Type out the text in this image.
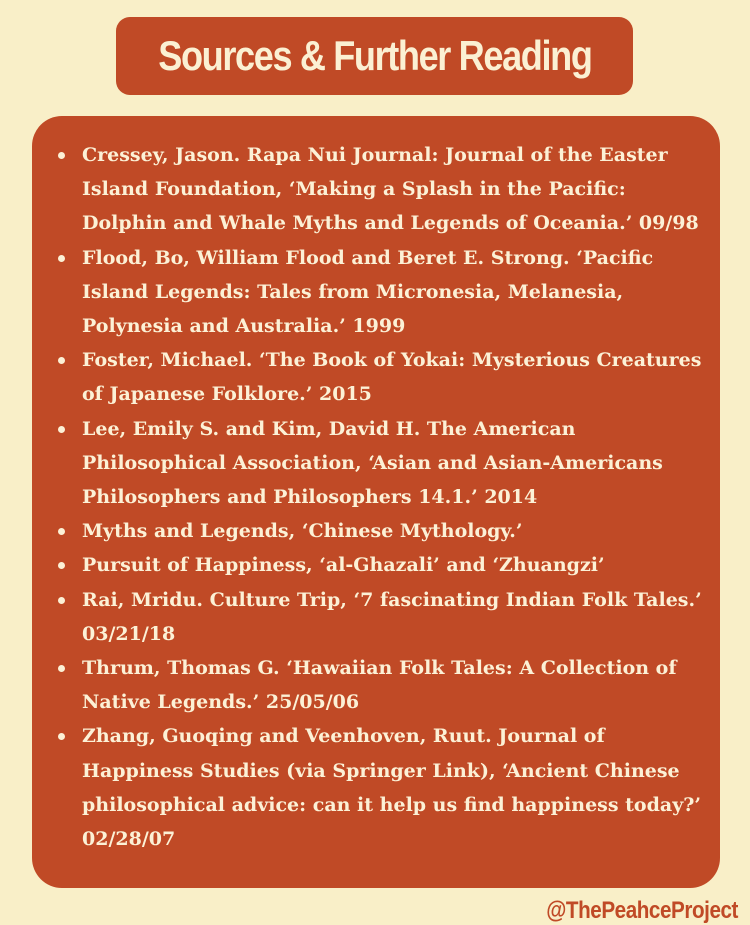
Sources & Further Reading
Cressey, Jason. Rapa Nui Journal: Journal of the Easter
Island Foundation, ‘Making a Splash in the Pacific:
Dolphin and Whale Myths and Legends of Oceania.’ 09/98
Flood, Bo, William Flood and Beret E. Strong. ‘Pacific
Island Legends: Tales from Micronesia, Melanesia,
Polynesia and Australia.’ 1999
Foster, Michael. ‘The Book of Yokai: Mysterious Creatures
of Japanese Folklore.’ 2015
Lee, Emily S. and Kim, David H. The American
Philosophical Association, ‘Asian and Asian-Americans
Philosophers and Philosophers 14.1.’ 2014
Myths and Legends, ‘Chinese Mythology.’
Pursuit of Happiness, ‘al-Ghazali’ and ‘Zhuangzi’
Rai, Mridu. Culture Trip, ‘7 fascinating Indian Folk Tales.’
03/21/18
Thrum, Thomas G. ‘Hawaiian Folk Tales: A Collection of
Native Legends.’ 25/05/06
Zhang, Guoqing and Veenhoven, Ruut. Journal of
Happiness Studies (via Springer Link), ‘Ancient Chinese
philosophical advice: can it help us find happiness today?’
02/28/07
@ThePeahceProject
